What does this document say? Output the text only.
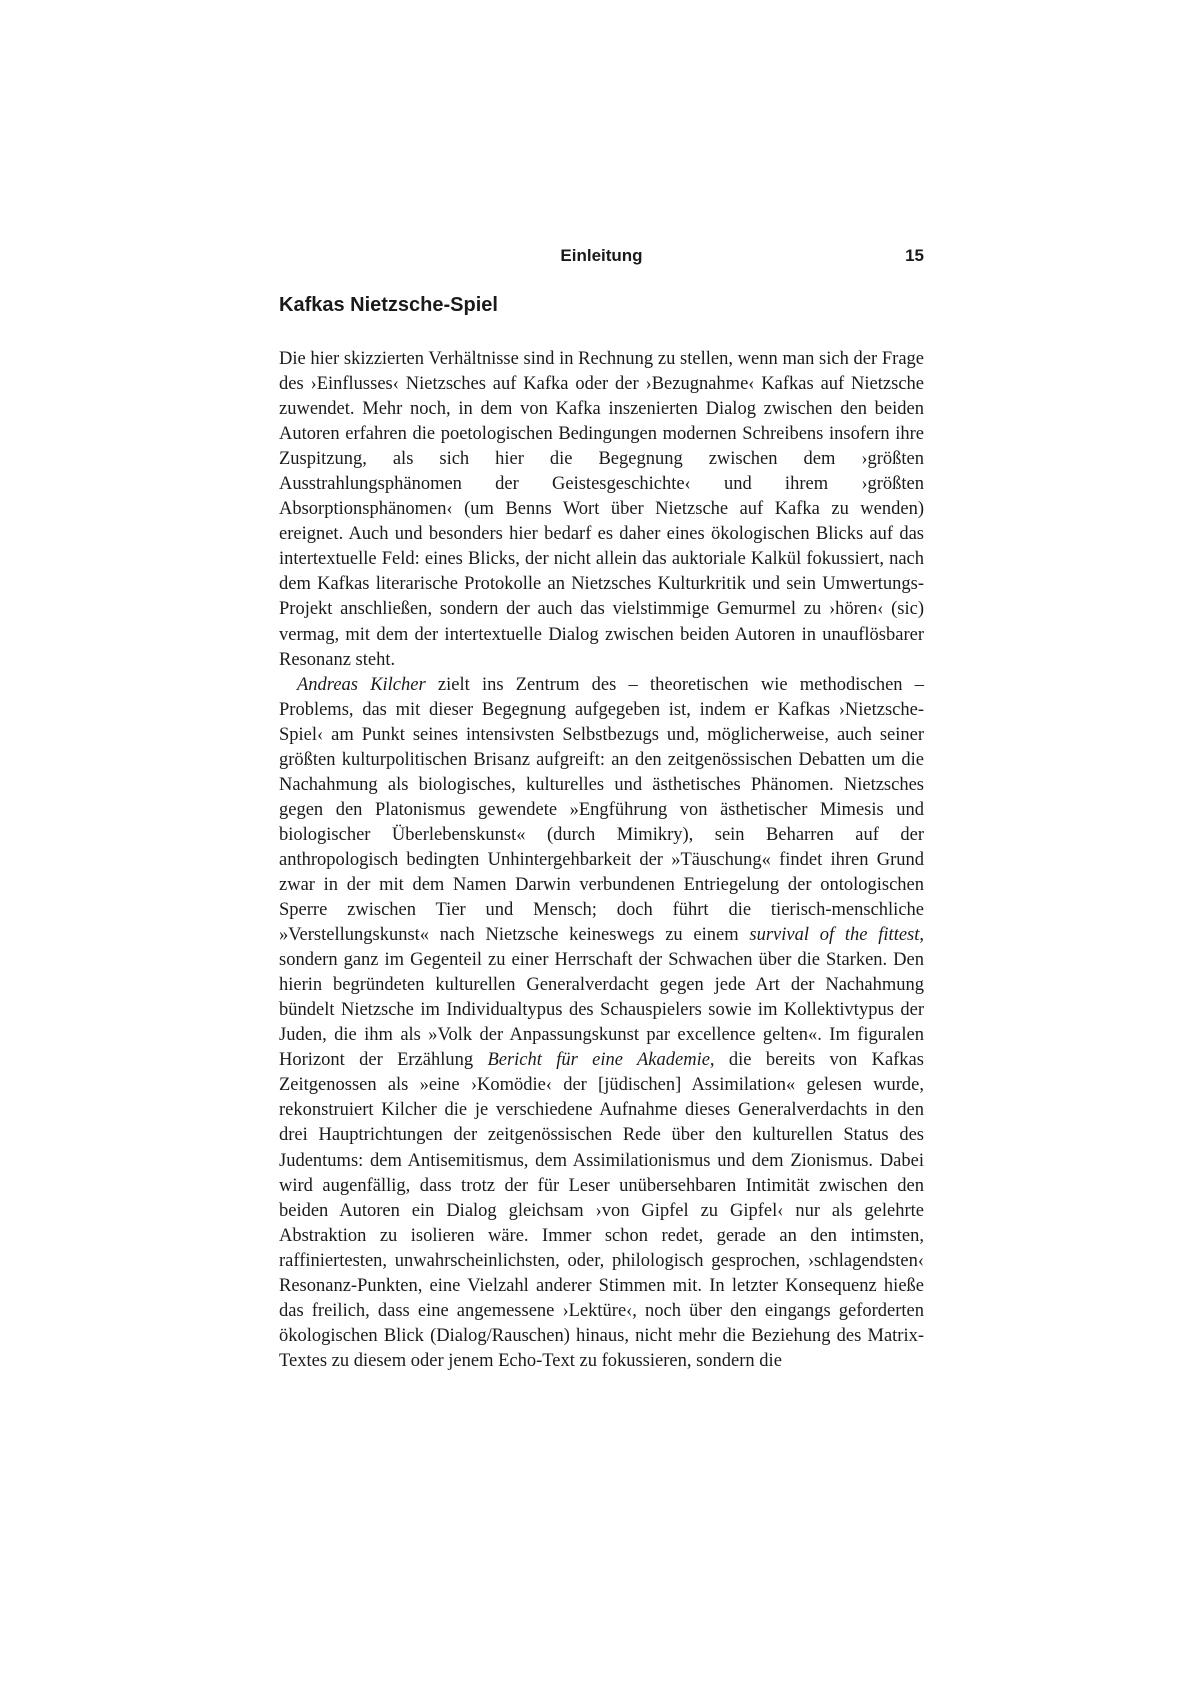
Einleitung	15
Kafkas Nietzsche-Spiel

Die hier skizzierten Verhältnisse sind in Rechnung zu stellen, wenn man sich der Frage des ›Einflusses‹ Nietzsches auf Kafka oder der ›Bezugnahme‹ Kafkas auf Nietzsche zuwendet. Mehr noch, in dem von Kafka inszenierten Dialog zwischen den beiden Autoren erfahren die poetologischen Bedingungen modernen Schreibens insofern ihre Zuspitzung, als sich hier die Begegnung zwischen dem ›größten Ausstrahlungsphänomen der Geistesgeschichte‹ und ihrem ›größten Absorptionsphänomen‹ (um Benns Wort über Nietzsche auf Kafka zu wenden) ereignet. Auch und besonders hier bedarf es daher eines ökologischen Blicks auf das intertextuelle Feld: eines Blicks, der nicht allein das auktoriale Kalkül fokussiert, nach dem Kafkas literarische Protokolle an Nietzsches Kulturkritik und sein Umwertungs-Projekt anschließen, sondern der auch das vielstimmige Gemurmel zu ›hören‹ (sic) vermag, mit dem der intertextuelle Dialog zwischen beiden Autoren in unauflösbarer Resonanz steht.

Andreas Kilcher zielt ins Zentrum des – theoretischen wie methodischen – Problems, das mit dieser Begegnung aufgegeben ist, indem er Kafkas ›Nietzsche-Spiel‹ am Punkt seines intensivsten Selbstbezugs und, möglicherweise, auch seiner größten kulturpolitischen Brisanz aufgreift: an den zeitgenössischen Debatten um die Nachahmung als biologisches, kulturelles und ästhetisches Phänomen. Nietzsches gegen den Platonismus gewendete »Engführung von ästhetischer Mimesis und biologischer Überlebenskunst« (durch Mimikry), sein Beharren auf der anthropologisch bedingten Unhintergehbarkeit der »Täuschung« findet ihren Grund zwar in der mit dem Namen Darwin verbundenen Entriegelung der ontologischen Sperre zwischen Tier und Mensch; doch führt die tierisch-menschliche »Verstellungskunst« nach Nietzsche keineswegs zu einem survival of the fittest, sondern ganz im Gegenteil zu einer Herrschaft der Schwachen über die Starken. Den hierin begründeten kulturellen Generalverdacht gegen jede Art der Nachahmung bündelt Nietzsche im Individualtypus des Schauspielers sowie im Kollektivtypus der Juden, die ihm als »Volk der Anpassungskunst par excellence gelten«. Im figuralen Horizont der Erzählung Bericht für eine Akademie, die bereits von Kafkas Zeitgenossen als »eine ›Komödie‹ der [jüdischen] Assimilation« gelesen wurde, rekonstruiert Kilcher die je verschiedene Aufnahme dieses Generalverdachts in den drei Hauptrichtungen der zeitgenössischen Rede über den kulturellen Status des Judentums: dem Antisemitismus, dem Assimilationismus und dem Zionismus. Dabei wird augenfällig, dass trotz der für Leser unübersehbaren Intimität zwischen den beiden Autoren ein Dialog gleichsam ›von Gipfel zu Gipfel‹ nur als gelehrte Abstraktion zu isolieren wäre. Immer schon redet, gerade an den intimsten, raffiniertesten, unwahrscheinlichsten, oder, philologisch gesprochen, ›schlagendsten‹ Resonanz-Punkten, eine Vielzahl anderer Stimmen mit. In letzter Konsequenz hieße das freilich, dass eine angemessene ›Lektüre‹, noch über den eingangs geforderten ökologischen Blick (Dialog/Rauschen) hinaus, nicht mehr die Beziehung des Matrix-Textes zu diesem oder jenem Echo-Text zu fokussieren, sondern die
